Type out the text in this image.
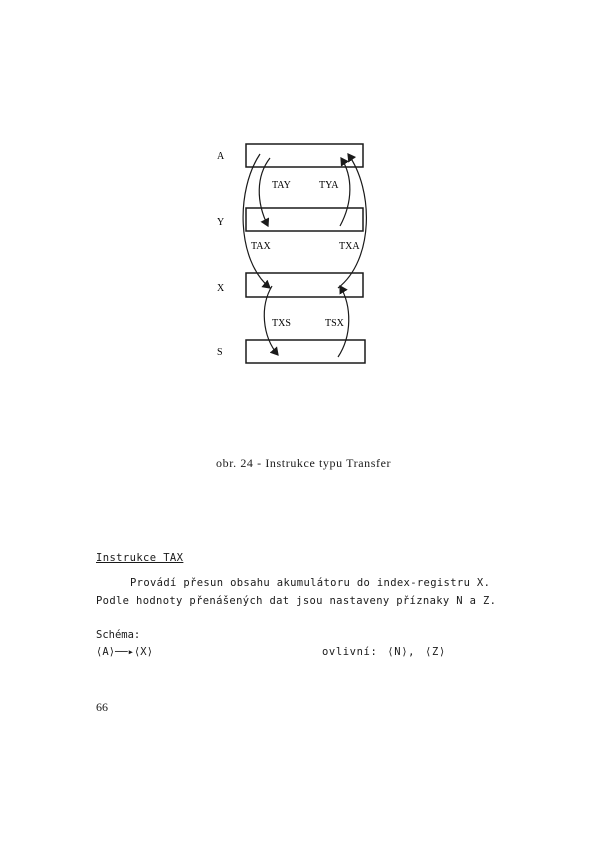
A
Y
X
S
TAY	TYA
TAX	TXA
TXS	TSX
obr. 24 - Instrukce typu Transfer
Instrukce TAX
Provádí přesun obsahu akumulátoru do index-registru X.
Podle hodnoty přenášených dat jsou nastaveny příznaky N a Z.
Schéma:
⟨A⟩──▸⟨X⟩	ovlivní: ⟨N⟩, ⟨Z⟩
66
